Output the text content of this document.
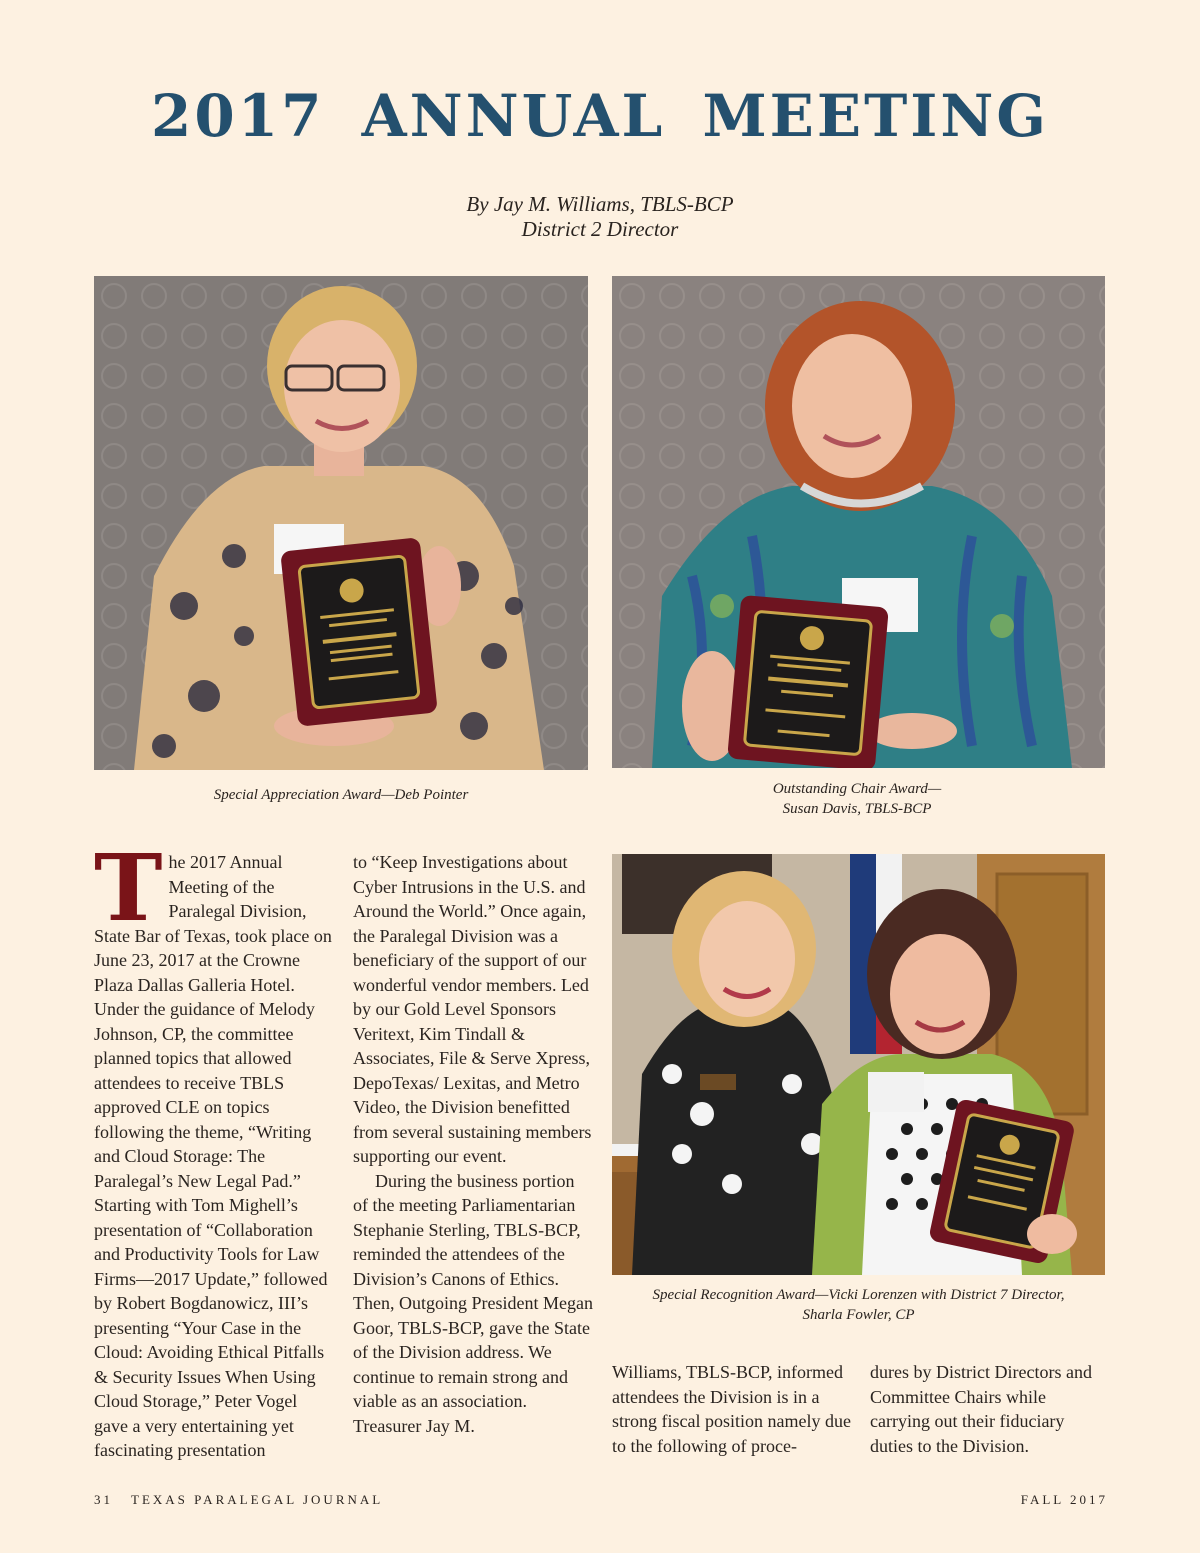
2017 ANNUAL MEETING
By Jay M. Williams, TBLS-BCP
District 2 Director
Special Appreciation Award—Deb Pointer	Outstanding Chair Award—
Susan Davis, TBLS-BCP
Special Recognition Award—Vicki Lorenzen with District 7 Director,
Sharla Fowler, CP

The 2017 Annual Meeting of the Paralegal Division, State Bar of Texas, took place on June 23, 2017 at the Crowne Plaza Dallas Galleria Hotel. Under the guidance of Melody Johnson, CP, the committee planned topics that allowed attendees to receive TBLS approved CLE on topics following the theme, “Writing and Cloud Storage: The Paralegal’s New Legal Pad.” Starting with Tom Mighell’s presentation of “Collaboration and Productivity Tools for Law Firms—2017 Update,” followed by Robert Bogdanowicz, III’s presenting “Your Case in the Cloud: Avoiding Ethical Pitfalls & Security Issues When Using Cloud Storage,” Peter Vogel gave a very entertaining yet fascinating presentation

to “Keep Investigations about Cyber Intrusions in the U.S. and Around the World.” Once again, the Paralegal Division was a beneficiary of the support of our wonderful vendor members. Led by our Gold Level Sponsors Veritext, Kim Tindall & Associates, File & Serve Xpress, DepoTexas/ Lexitas, and Metro Video, the Division benefitted from several sustaining members supporting our event.

During the business portion of the meeting Parliamentarian Stephanie Sterling, TBLS-BCP, reminded the attendees of the Division’s Canons of Ethics. Then, Outgoing President Megan Goor, TBLS-BCP, gave the State of the Division address. We continue to remain strong and viable as an association. Treasurer Jay M.

Williams, TBLS-BCP, informed attendees the Division is in a strong fiscal position namely due to the following of proce-

dures by District Directors and Committee Chairs while carrying out their fiduciary duties to the Division.

31 TEXAS PARALEGAL JOURNAL	FALL 2017
